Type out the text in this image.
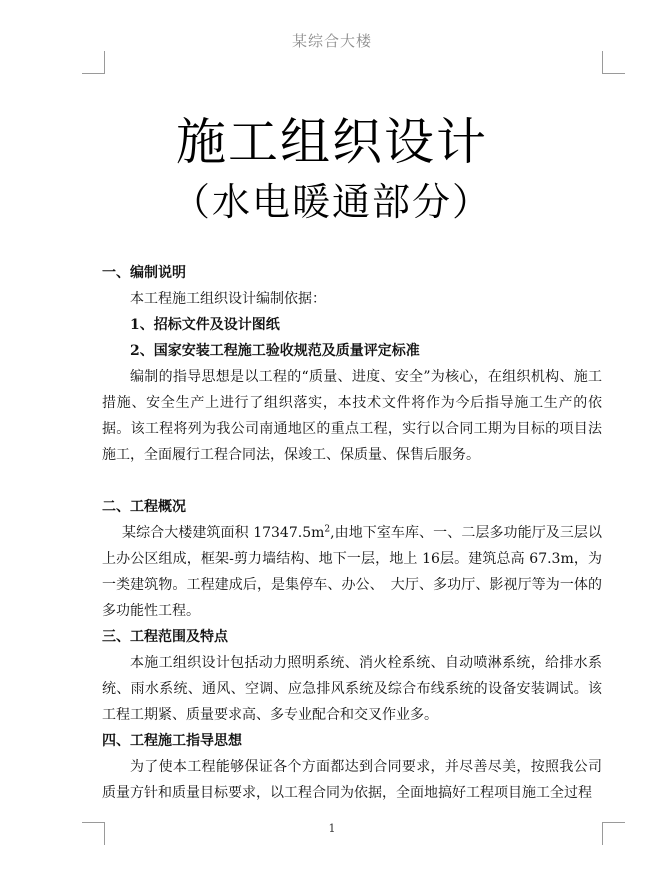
某综合大楼
施工组织设计
（水电暖通部分）

一、编制说明

本工程施工组织设计编制依据：

1、招标文件及设计图纸

2、国家安装工程施工验收规范及质量评定标准

编制的指导思想是以工程的“质量、进度、安全”为核心，在组织机构、施工措施、安全生产上进行了组织落实，本技术文件将作为今后指导施工生产的依据。该工程将列为我公司南通地区的重点工程，实行以合同工期为目标的项目法施工，全面履行工程合同法，保竣工、保质量、保售后服务。

二、工程概况

某综合大楼建筑面积 $17347.5m^2$,由地下室车库、一、二层多功能厅及三层以上办公区组成，框架-剪力墙结构、地下一层，地上 16层。建筑总高 67.3m，为一类建筑物。工程建成后，是集停车、办公、　大厅、多功厅、影视厅等为一体的多功能性工程。

三、工程范围及特点

本施工组织设计包括动力照明系统、消火栓系统、自动喷淋系统，给排水系统、雨水系统、通风、空调、应急排风系统及综合布线系统的设备安装调试。该工程工期紧、质量要求高、多专业配合和交叉作业多。

四、工程施工指导思想

为了使本工程能够保证各个方面都达到合同要求，并尽善尽美，按照我公司质量方针和质量目标要求，以工程合同为依据，全面地搞好工程项目施工全过程

1
